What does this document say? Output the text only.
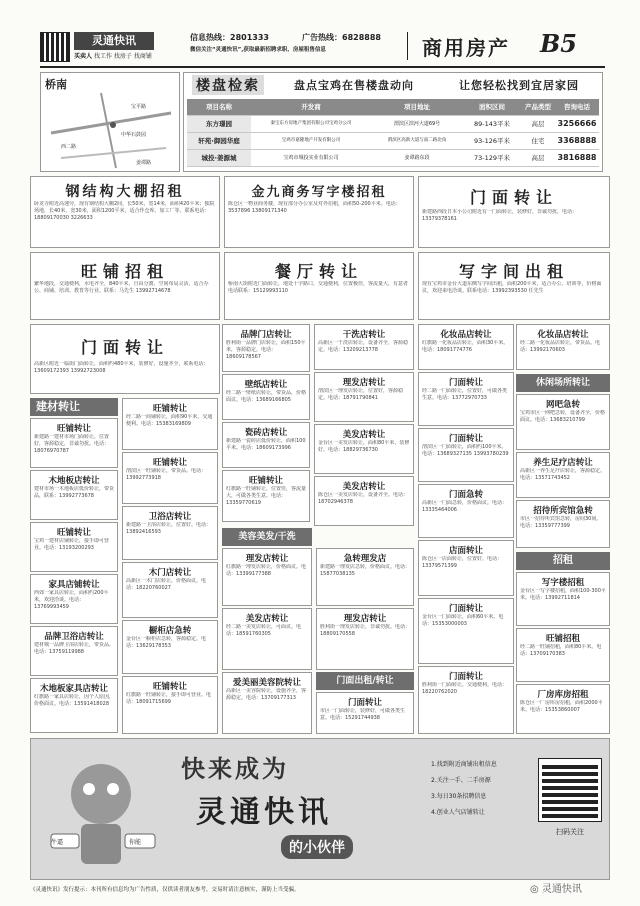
灵通快讯
买卖人 找工作 找房子 找商铺
信息热线：2801333	广告热线：6828888
微信关注“灵通快讯”,获取最新招聘求职、房屋租售信息	商用房产	B5
桥南
宝平路
中华石鼓园
西二路
姜谭路
楼盘检索	盘点宝鸡在售楼盘动向	让您轻松找到宜居家园
项目名称	开发商	项目地址	面积区间	产品类型	咨询电话
东方璟园	秦宝东方房地产集团有限公司宝鸡分公司	渭滨区滨河大道69号	89-143平米	高层	3256666
轩苑·御园华庭	宝鸡市嘉隆地产开发有限公司	渭滨区高新大道与南二路北角	93-126平米	住宅	3368888
城投·姜源城	宝鸡市城投实业有限公司	姜谭路东段	73-129平米	高层	3816888
钢结构大棚招租
卧龙寺附近高速旁，现有钢结构大棚2间，长50米，宽14米，面积420平米；独院场地，长40米，宽30米，面积1200平米，适合作仓库、加工厂等。联系电话：18809170030 3226633
金九商务写字楼招租
陈仓区一物业商务楼，现有部分办公室及对外招租，面积50-200平米。电话：3537896 13809171340
门面转让
新建路西段日本小公司附近有一门面转让，装修好，非诚勿扰，电话：13379378161
旺铺招租
繁华地段，交通便利，水电齐全，840平米，自由分割，空间布局灵活，适合办公、商铺、培训、教育等行业。联系：马先生 13992714678
餐厅转让
桥南大街附近门面转让，地处十字路口，交通便利，位置极佳，客流量大，有意者电话联系：15129993110
写字间出租
现有宝鸡市金台大道东侧写字间出租，面积200平米，适合办公、培训等，价格面议，欢迎来电洽谈。联系电话：13992393530 任先生
门面转让
高新区附近一临街门面转让，面积约480平米，装修好，设施齐全，联系电话：13609172393 13992723008
建材转让
旺铺转让
新建路一建材市场门面转让，位置好，客源稳定，非诚勿扰。电话：18076970787
木地板店转让
建材市场一木地板店低价转让，带货品，联系：13992773678
旺铺转让
宝鸡一建材店铺转让，接手即可营业。电话：13193200293
家具店铺转让
西郊一家具店转让，面积约200平米，欢迎洽谈。电话：13769993459
品牌卫浴店转让
建材城一品牌卫浴店转让，带货品。电话：13759119988
木地板家具店转让
红旗路一家具店转让，因个人原因，价格面议。电话：13591418028
品牌门店转让
胜利街一品牌门店转让，面积150平米，客源稳定。电话：18609178567
壁纸店转让
经二路一壁纸店转让，带货品，价格面议。电话：13689166805
瓷砖店转让
新建路一瓷砖店低价转让，面积100平米。电话：18609173996
旺铺转让
红旗路一旺铺转让，位置佳，客流量大，可做各类生意。电话：13359770619
旺铺转让
经二路一商铺转让，面积90平米，交通便利。电话：15383169809
旺铺转让
渭滨区一旺铺转让，带货品。电话：13992773918
卫浴店转让
新建路一卫浴店转让，位置好。电话：13892416593
木门店转让
高新区一木门店转让，价格面议。电话：18220760027
橱柜店急转
金台区一橱柜店急转，客源稳定。电话：13629178353
旺铺转让
红旗路一旺铺转让，接手即可营业。电话：18091715699
干洗店转让
高新区一干洗店转让，设备齐全，客源稳定。电话：13209213778
理发店转让
渭滨区一理发店转让，位置好，客源稳定。电话：18791790841
美发店转让
金台区一美发店转让，面积80平米，装修好。电话：18829736730
美发店转让
陈仓区一美发店转让，设备齐全。电话：18702946378
美容美发/干洗
理发店转让
红旗路一理发店转让，价格面议。电话：13399177388
美发店转让
经二路一美发店转让，可面议。电话：18591760305
爱美丽美容院转让
高新区一美容院转让，设施齐全，客源稳定。电话：13709177313
急转理发店
新建路一理发店急转，价格面议。电话：15877038135
理发店转让
胜利街一理发店转让，非诚勿扰。电话：18809170558
门面出租/转让
门面转让
市区一门面转让，装修好，可做各类生意。电话：15291744938
化妆品店转让
红旗路一化妆品店转让，面积30平米。电话：18091774776
门面转让
经二路一门面转让，位置好，可做各类生意。电话：13772970733
门面转让
渭滨区一门面转让，面积约100平米。电话：13689327135 13993780239
门面急转
高新区一门面急转，价格面议。电话：13335464006
店面转让
陈仓区一店面转让，位置好。电话：13379571399
门面转让
金台区一门面转让，面积60平米。电话：15353000003
门面转让
胜利街一门面转让，交通便利。电话：18220762020
化妆品店转让
经二路一化妆品店转让，带货品。电话：13992170603
休闲场所转让
网吧急转
宝鸡市区一网吧急转，设备齐全，价格面议。电话：13683210799
养生足疗店转让
高新区一养生足疗店转让，客源稳定。电话：13571743452
招待所宾馆急转
市区一招待所宾馆急转，房间30间。电话：13359777399
招租
写字楼招租
金台区一写字楼招租，面积100-300平米。电话：13992711814
旺铺招租
经二路一旺铺招租，面积80平米。电话：13709170383
厂房库房招租
陈仓区一厂房库房招租，面积2000平米。电话：15353860007
牛逼	你能
快来成为
灵通快讯
的小伙伴
1.找到附近商铺出租信息
2.关注一手、二手房源
3.每日30条招聘信息
4.创业人气店铺转让
扫码关注
《灵通快讯》发行提示：本刊所有信息均为广告性质，仅供读者朋友参考，交易时请注意核实，谨防上当受骗。	◎ 灵通快讯
